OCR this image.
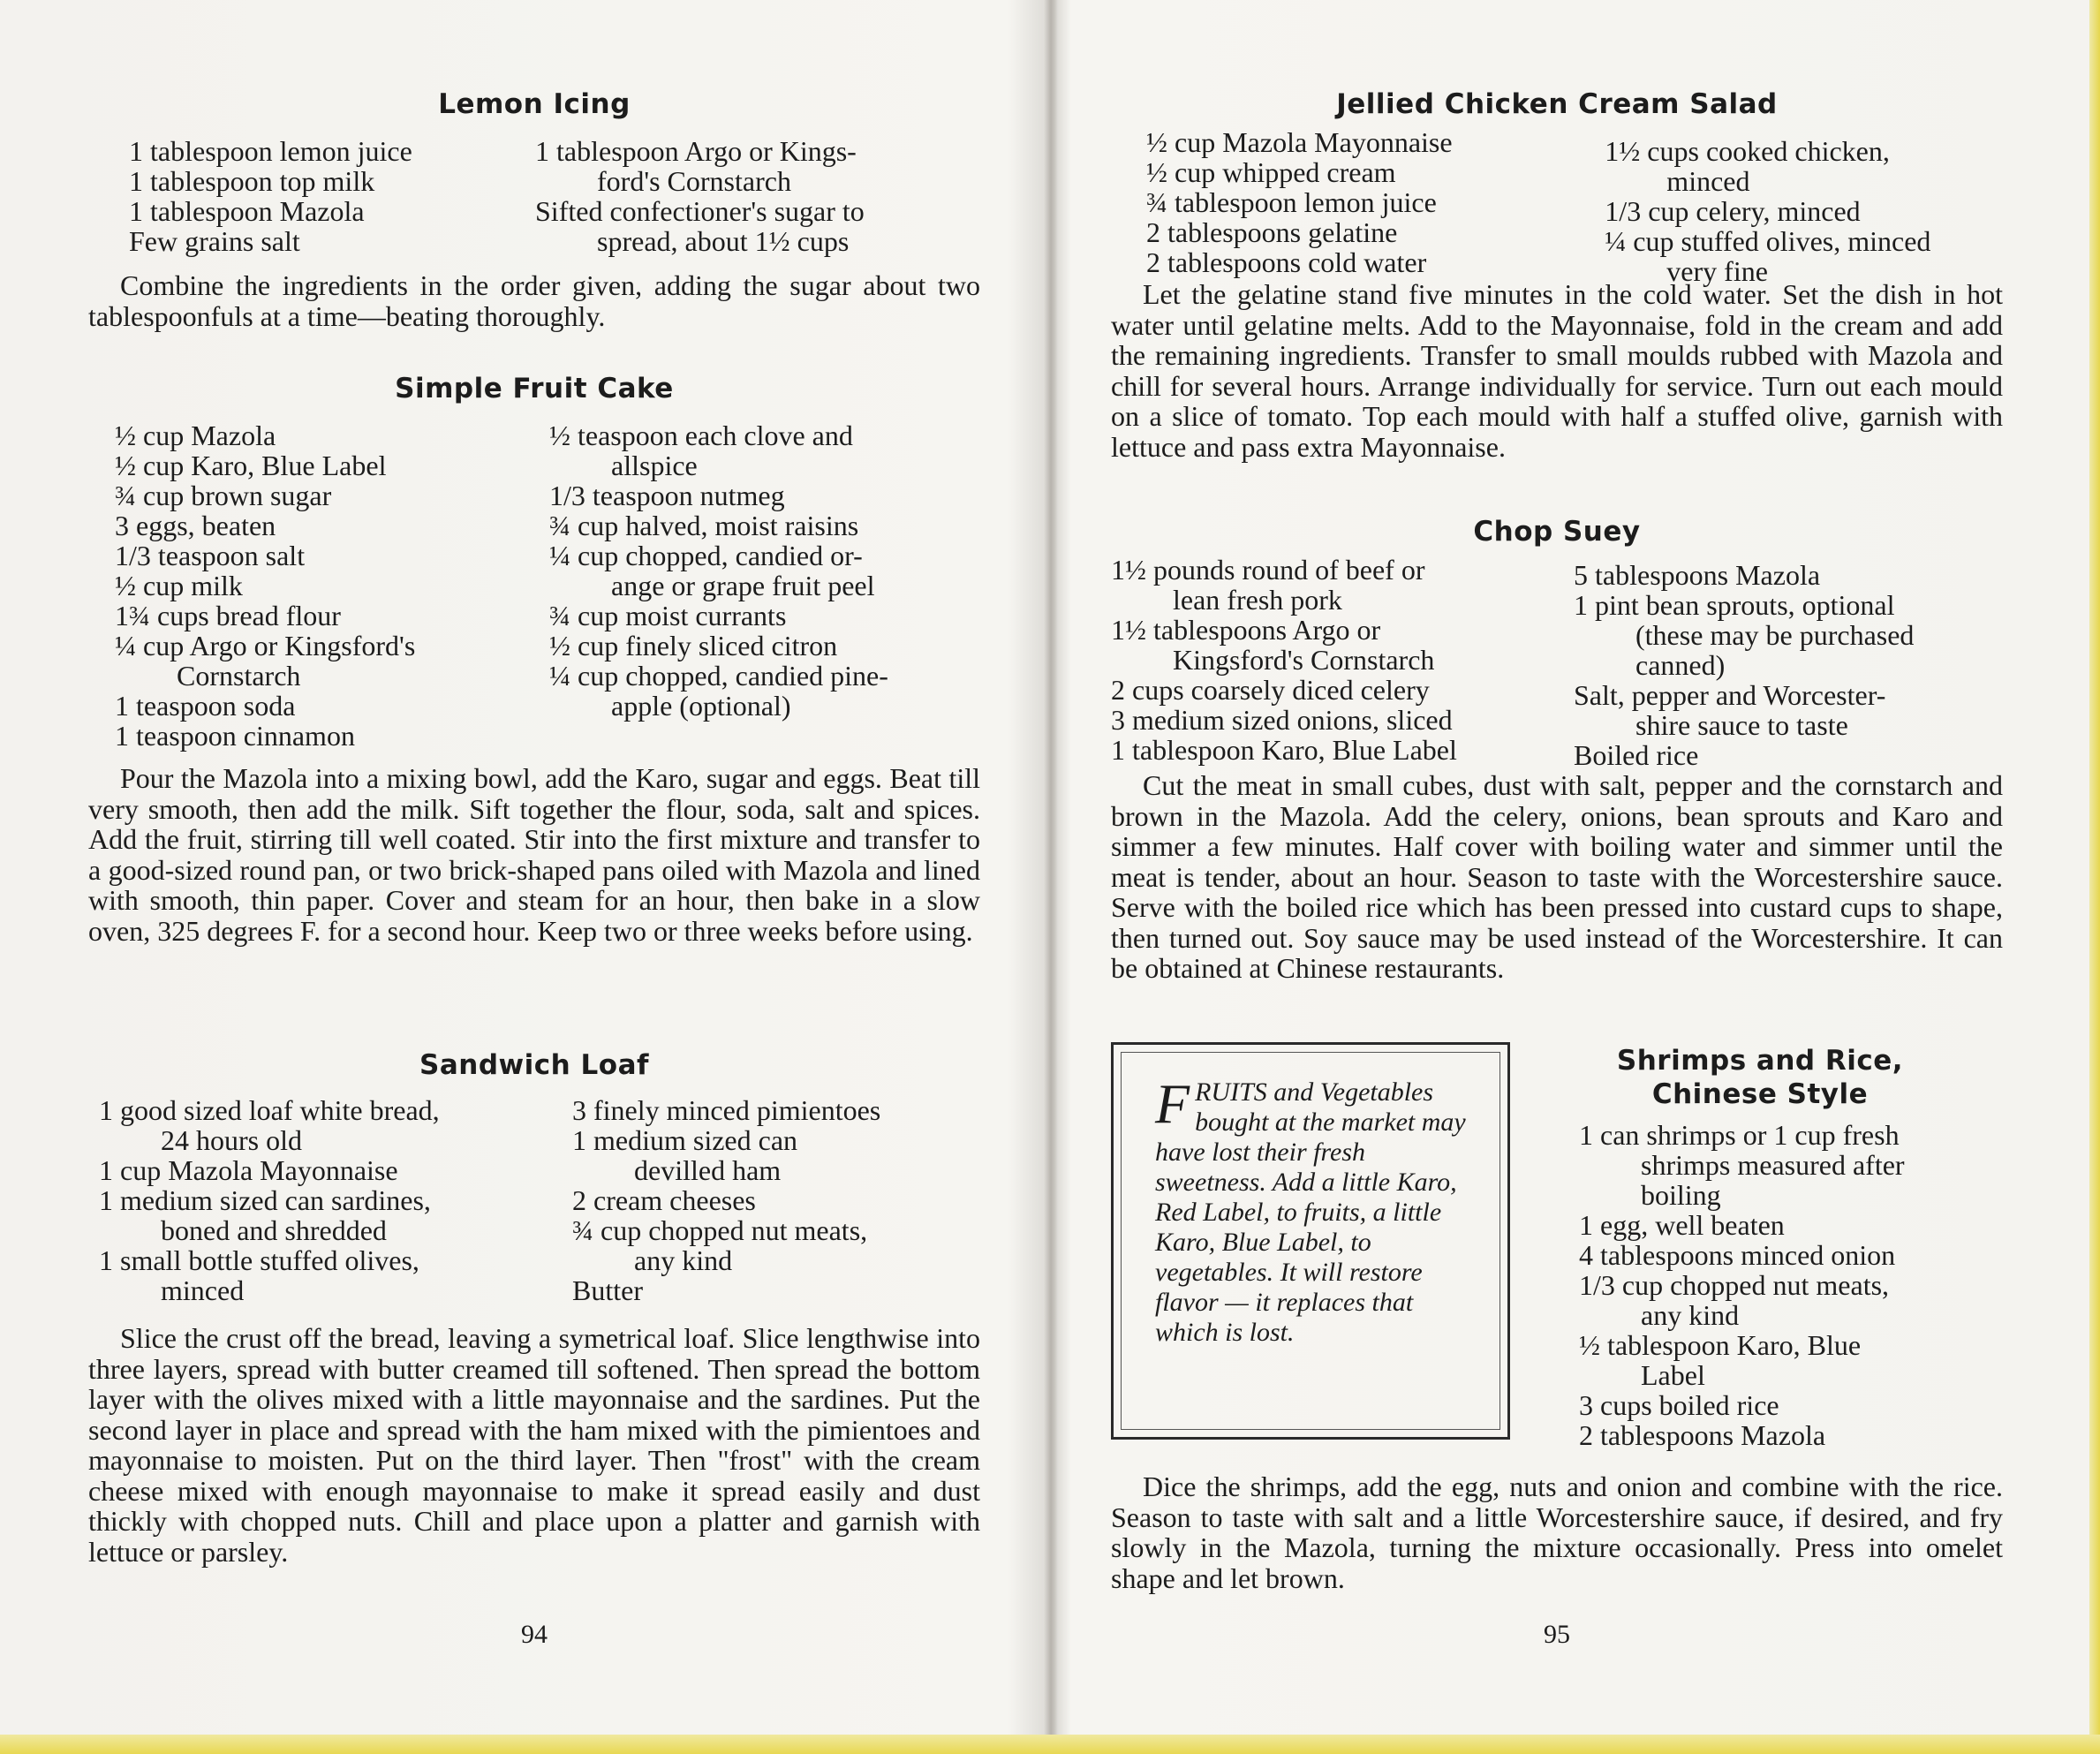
Lemon Icing
1 tablespoon lemon juice
1 tablespoon top milk
1 tablespoon Mazola
Few grains salt
1 tablespoon Argo or Kings-
ford's Cornstarch
Sifted confectioner's sugar to
spread, about 1½ cups

Combine the ingredients in the order given, adding the sugar about two tablespoonfuls at a time—beating thoroughly.

Simple Fruit Cake
½ cup Mazola
½ cup Karo, Blue Label
¾ cup brown sugar
3 eggs, beaten
1/3 teaspoon salt
½ cup milk
1¾ cups bread flour
¼ cup Argo or Kingsford's
Cornstarch
1 teaspoon soda
1 teaspoon cinnamon
½ teaspoon each clove and
allspice
1/3 teaspoon nutmeg
¾ cup halved, moist raisins
¼ cup chopped, candied or-
ange or grape fruit peel
¾ cup moist currants
½ cup finely sliced citron
¼ cup chopped, candied pine-
apple (optional)

Pour the Mazola into a mixing bowl, add the Karo, sugar and eggs. Beat till very smooth, then add the milk. Sift together the flour, soda, salt and spices. Add the fruit, stirring till well coated. Stir into the first mixture and transfer to a good-sized round pan, or two brick-shaped pans oiled with Mazola and lined with smooth, thin paper. Cover and steam for an hour, then bake in a slow oven, 325 degrees F. for a second hour. Keep two or three weeks before using.

Sandwich Loaf
1 good sized loaf white bread,
24 hours old
1 cup Mazola Mayonnaise
1 medium sized can sardines,
boned and shredded
1 small bottle stuffed olives,
minced
3 finely minced pimientoes
1 medium sized can
devilled ham
2 cream cheeses
¾ cup chopped nut meats,
any kind
Butter

Slice the crust off the bread, leaving a symetrical loaf. Slice lengthwise into three layers, spread with butter creamed till softened. Then spread the bottom layer with the olives mixed with a little mayonnaise and the sardines. Put the second layer in place and spread with the ham mixed with the pimientoes and mayonnaise to moisten. Put on the third layer. Then "frost" with the cream cheese mixed with enough mayonnaise to make it spread easily and dust thickly with chopped nuts. Chill and place upon a platter and garnish with lettuce or parsley.

94
Jellied Chicken Cream Salad
½ cup Mazola Mayonnaise
½ cup whipped cream
¾ tablespoon lemon juice
2 tablespoons gelatine
2 tablespoons cold water
1½ cups cooked chicken,
minced
1/3 cup celery, minced
¼ cup stuffed olives, minced
very fine

Let the gelatine stand five minutes in the cold water. Set the dish in hot water until gelatine melts. Add to the Mayonnaise, fold in the cream and add the remaining ingredients. Transfer to small moulds rubbed with Mazola and chill for several hours. Arrange individually for service. Turn out each mould on a slice of tomato. Top each mould with half a stuffed olive, garnish with lettuce and pass extra Mayonnaise.

Chop Suey
1½ pounds round of beef or
lean fresh pork
1½ tablespoons Argo or
Kingsford's Cornstarch
2 cups coarsely diced celery
3 medium sized onions, sliced
1 tablespoon Karo, Blue Label
5 tablespoons Mazola
1 pint bean sprouts, optional
(these may be purchased
canned)
Salt, pepper and Worcester-
shire sauce to taste
Boiled rice

Cut the meat in small cubes, dust with salt, pepper and the cornstarch and brown in the Mazola. Add the celery, onions, bean sprouts and Karo and simmer a few minutes. Half cover with boiling water and simmer until the meat is tender, about an hour. Season to taste with the Worcestershire sauce. Serve with the boiled rice which has been pressed into custard cups to shape, then turned out. Soy sauce may be used instead of the Worcestershire. It can be obtained at Chinese restaurants.

FRUITS and Vegetables bought at the market may have lost their fresh sweetness. Add a little Karo, Red Label, to fruits, a little Karo, Blue Label, to vegetables. It will restore flavor — it replaces that which is lost.
Shrimps and Rice,
Chinese Style
1 can shrimps or 1 cup fresh
shrimps measured after
boiling
1 egg, well beaten
4 tablespoons minced onion
1/3 cup chopped nut meats,
any kind
½ tablespoon Karo, Blue
Label
3 cups boiled rice
2 tablespoons Mazola

Dice the shrimps, add the egg, nuts and onion and combine with the rice. Season to taste with salt and a little Worcestershire sauce, if desired, and fry slowly in the Mazola, turning the mixture occasionally. Press into omelet shape and let brown.

95
